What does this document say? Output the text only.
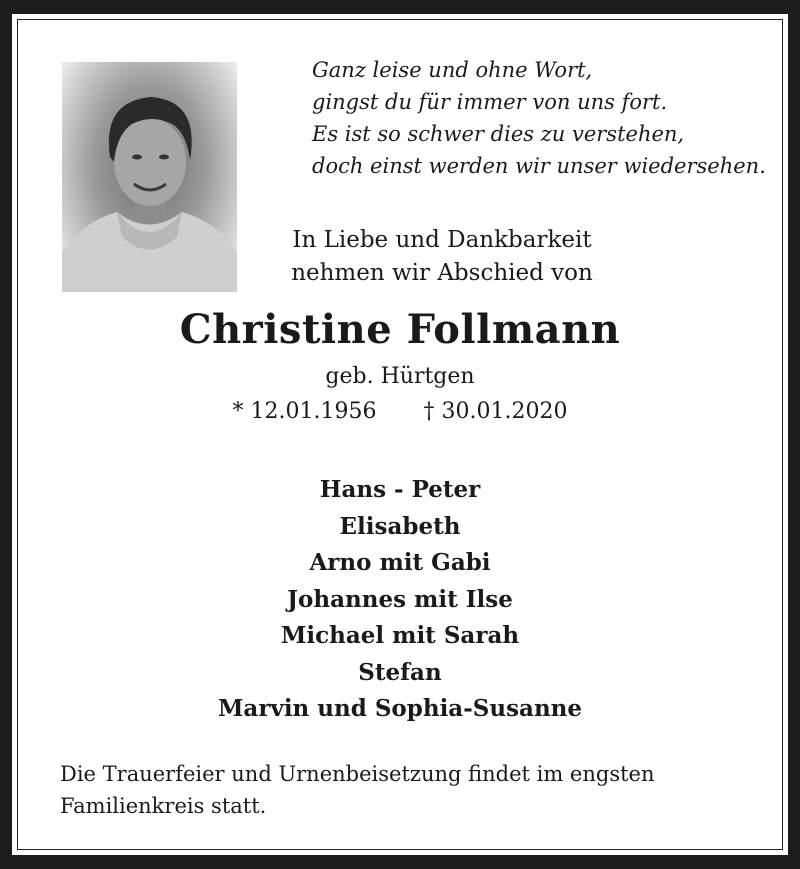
Ganz leise und ohne Wort,
gingst du für immer von uns fort.
Es ist so schwer dies zu verstehen,
doch einst werden wir unser wiedersehen.
In Liebe und Dankbarkeit
nehmen wir Abschied von
Christine Follmann
geb. Hürtgen
* 12.01.1956 † 30.01.2020
Hans - Peter
Elisabeth
Arno mit Gabi
Johannes mit Ilse
Michael mit Sarah
Stefan
Marvin und Sophia-Susanne
Die Trauerfeier und Urnenbeisetzung findet im engsten Familienkreis statt.
